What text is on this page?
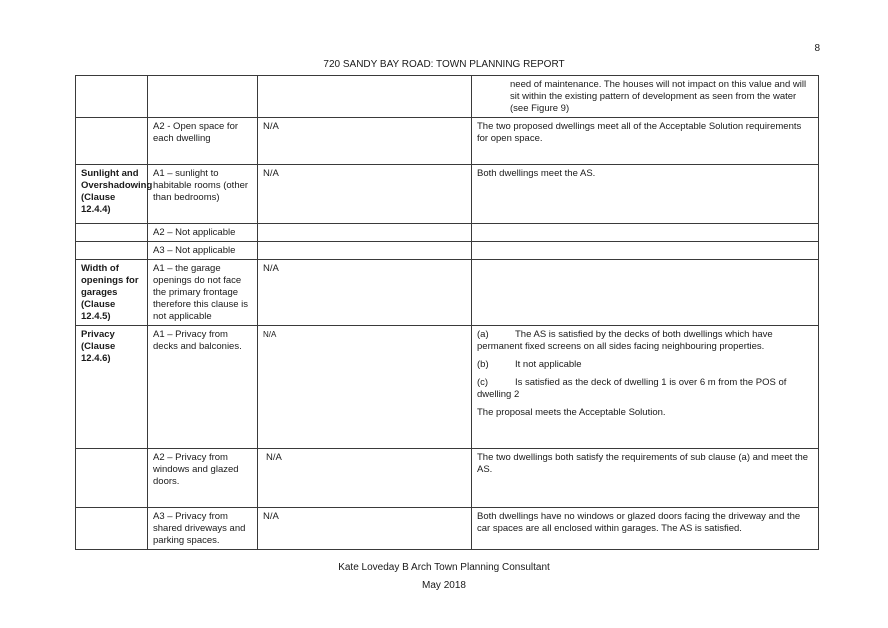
8
720 SANDY BAY ROAD: TOWN PLANNING REPORT
			need of maintenance. The houses will not impact on this value and will sit within the existing pattern of development as seen from the water (see Figure 9)
	A2 - Open space for each dwelling	N/A	The two proposed dwellings meet all of the Acceptable Solution requirements for open space.
Sunlight and Overshadowing (Clause 12.4.4)	A1 – sunlight to habitable rooms (other than bedrooms)	N/A	Both dwellings meet the AS.
	A2 – Not applicable		
	A3 – Not applicable		
Width of openings for garages (Clause 12.4.5)	A1 – the garage openings do not face the primary frontage therefore this clause is not applicable	N/A	
Privacy (Clause 12.4.6)	A1 – Privacy from decks and balconies.	N/A	(a) The AS is satisfied by the decks of both dwellings which have permanent fixed screens on all sides facing neighbouring properties.
(b) It not applicable
(c) Is satisfied as the deck of dwelling 1 is over 6 m from the POS of dwelling 2
The proposal meets the Acceptable Solution.

	A2 – Privacy from windows and glazed doors.	N/A	The two dwellings both satisfy the requirements of sub clause (a) and meet the AS.
	A3 – Privacy from shared driveways and parking spaces.	N/A	Both dwellings have no windows or glazed doors facing the driveway and the car spaces are all enclosed within garages. The AS is satisfied.
Kate Loveday B Arch Town Planning Consultant
May 2018
